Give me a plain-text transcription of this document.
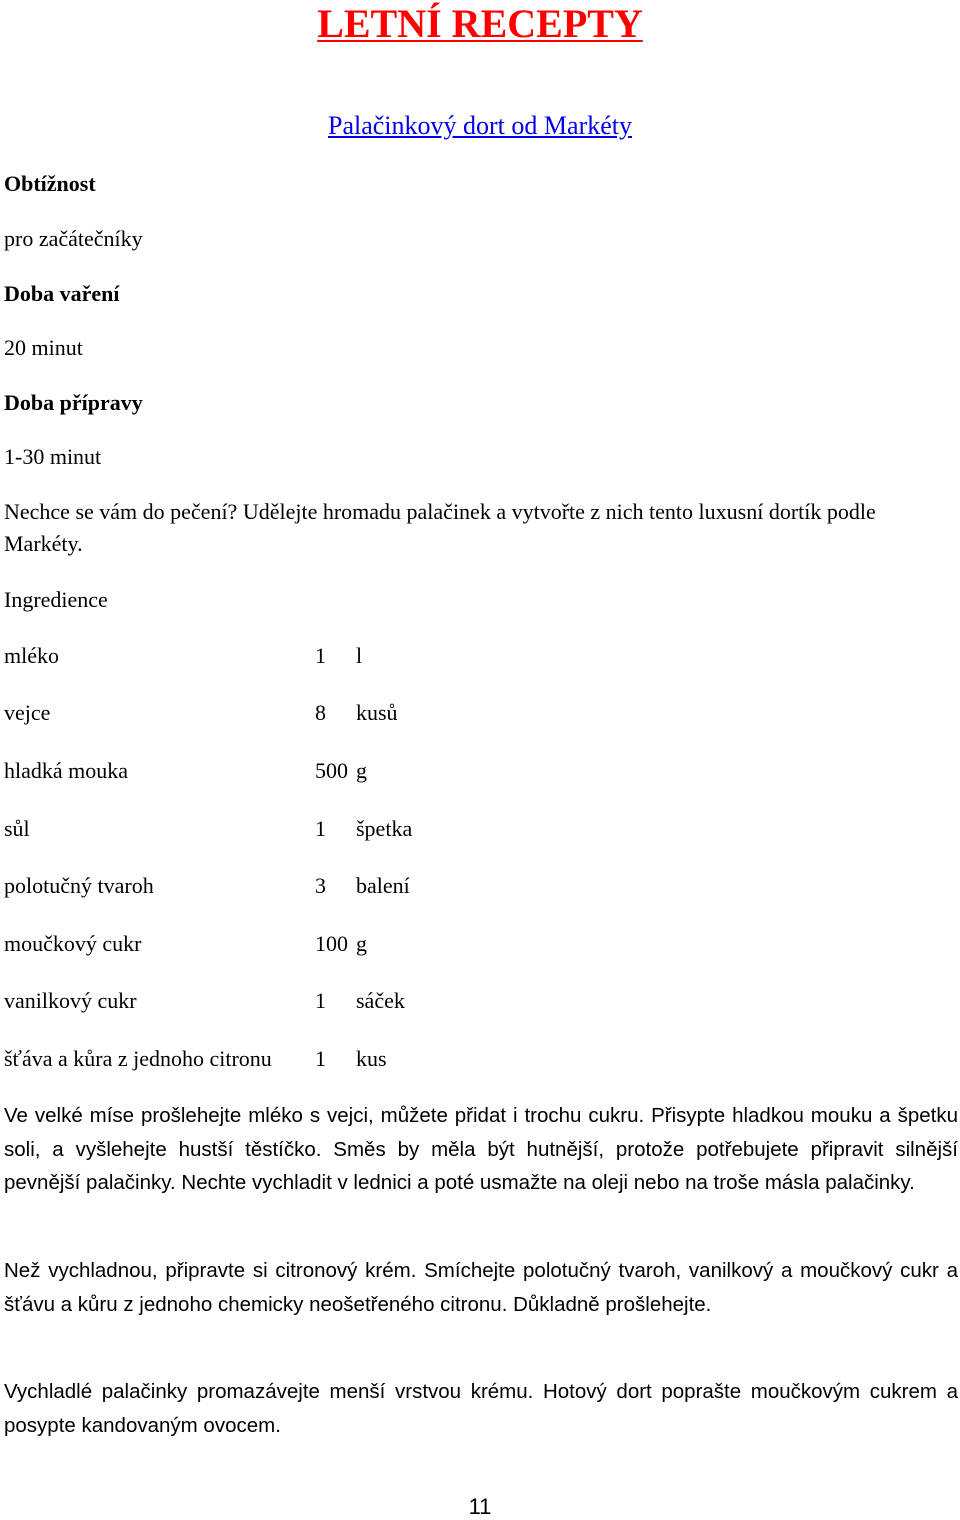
LETNÍ RECEPTY
Palačinkový dort od Markéty
Obtížnost
pro začátečníky
Doba vaření
20 minut
Doba přípravy
1-30 minut
Nechce se vám do pečení? Udělejte hromadu palačinek a vytvořte z nich tento luxusní dortík podle Markéty.
Ingredience
mléko	1 l
vejce	8 kusů
hladká mouka	500 g
sůl	1 špetka
polotučný tvaroh	3 balení
moučkový cukr	100 g
vanilkový cukr	1 sáček
šťáva a kůra z jednoho citronu 1 kus

Ve velké míse prošlehejte mléko s vejci, můžete přidat i trochu cukru. Přisypte hladkou mouku a špetku soli, a vyšlehejte hustší těstíčko. Směs by měla být hutnější, protože potřebujete připravit silnější pevnější palačinky. Nechte vychladit v lednici a poté usmažte na oleji nebo na troše másla palačinky.

Než vychladnou, připravte si citronový krém. Smíchejte polotučný tvaroh, vanilkový a moučkový cukr a šťávu a kůru z jednoho chemicky neošetřeného citronu. Důkladně prošlehejte.

Vychladlé palačinky promazávejte menší vrstvou krému. Hotový dort poprašte moučkovým cukrem a posypte kandovaným ovocem.

11
